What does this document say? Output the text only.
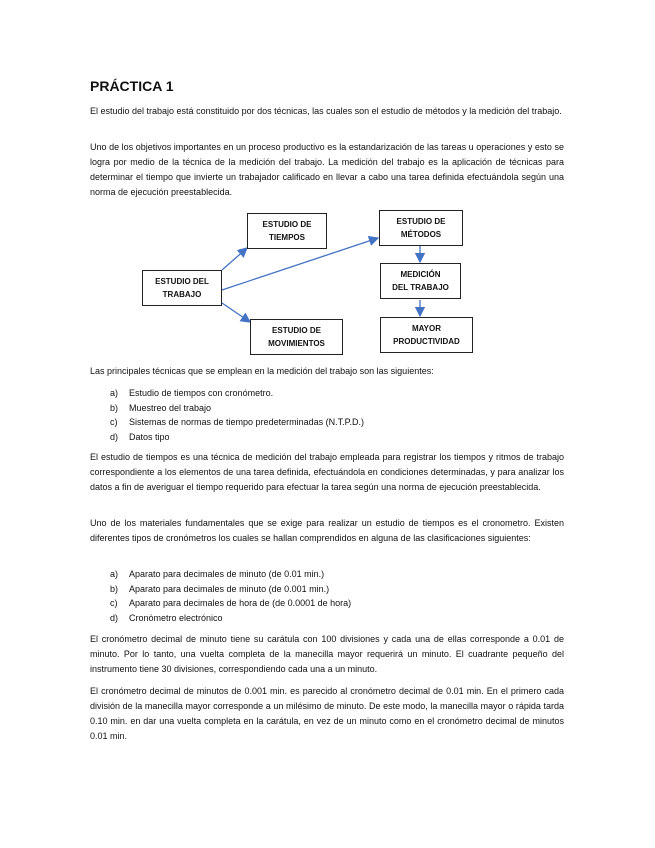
PRÁCTICA 1

El estudio del trabajo está constituido por dos técnicas, las cuales son el estudio de métodos y la medición del trabajo.

Uno de los objetivos importantes en un proceso productivo es la estandarización de las tareas u operaciones y esto se logra por medio de la técnica de la medición del trabajo. La medición del trabajo es la aplicación de técnicas para determinar el tiempo que invierte un trabajador calificado en llevar a cabo una tarea definida efectuándola según una norma de ejecución preestablecida.

ESTUDIO DEL
TRABAJO
ESTUDIO DE
TIEMPOS
ESTUDIO DE
MOVIMIENTOS
ESTUDIO DE
MÉTODOS
MEDICIÓN
DEL TRABAJO
MAYOR
PRODUCTIVIDAD

Las principales técnicas que se emplean en la medición del trabajo son las siguientes:

a) Estudio de tiempos con cronómetro.
b) Muestreo del trabajo
c) Sistemas de normas de tiempo predeterminadas (N.T.P.D.)
d) Datos tipo

El estudio de tiempos es una técnica de medición del trabajo empleada para registrar los tiempos y ritmos de trabajo correspondiente a los elementos de una tarea definida, efectuándola en condiciones determinadas, y para analizar los datos a fin de averiguar el tiempo requerido para efectuar la tarea según una norma de ejecución preestablecida.

Uno de los materiales fundamentales que se exige para realizar un estudio de tiempos es el cronometro. Existen diferentes tipos de cronómetros los cuales se hallan comprendidos en alguna de las clasificaciones siguientes:

a) Aparato para decimales de minuto (de 0.01 min.)
b) Aparato para decimales de minuto (de 0.001 min.)
c) Aparato para decimales de hora de (de 0.0001 de hora)
d) Cronómetro electrónico

El cronómetro decimal de minuto tiene su carátula con 100 divisiones y cada una de ellas corresponde a 0.01 de minuto. Por lo tanto, una vuelta completa de la manecilla mayor requerirá un minuto. El cuadrante pequeño del instrumento tiene 30 divisiones, correspondiendo cada una a un minuto.

El cronómetro decimal de minutos de 0.001 min. es parecido al cronómetro decimal de 0.01 min. En el primero cada división de la manecilla mayor corresponde a un milésimo de minuto. De este modo, la manecilla mayor o rápida tarda 0.10 min. en dar una vuelta completa en la carátula, en vez de un minuto como en el cronómetro decimal de minutos 0.01 min.
